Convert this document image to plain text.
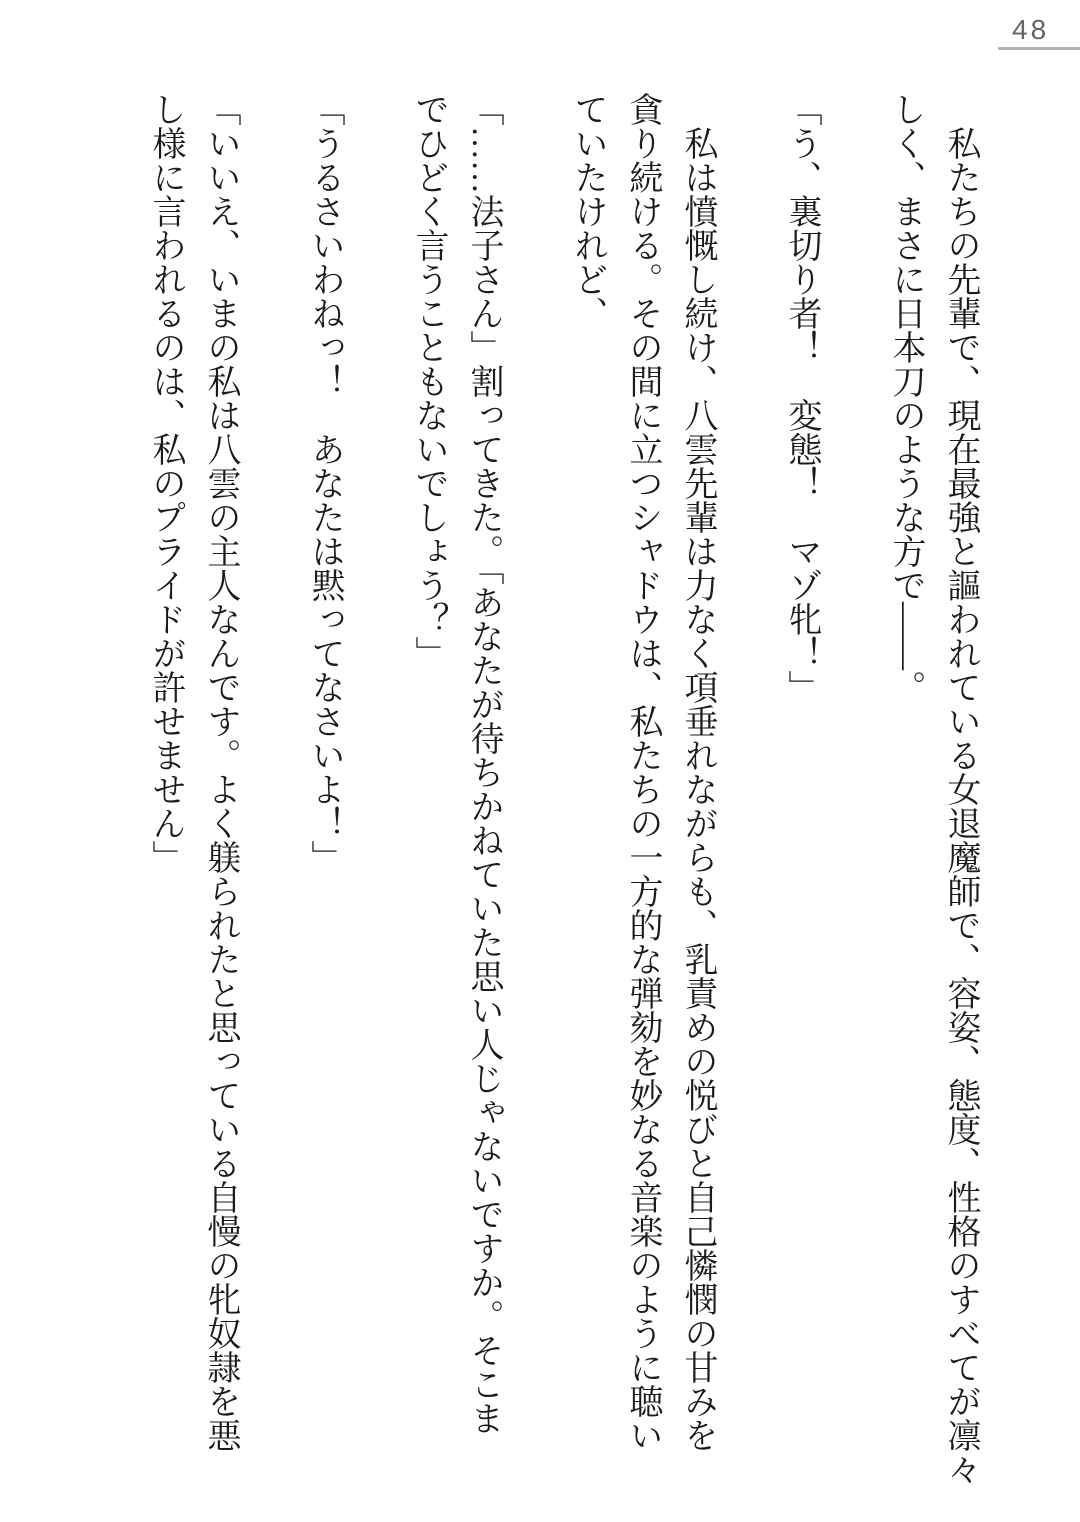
48

　私たちの先輩で、現在最強と謳われている女退魔師で、容姿、態度、性格のすべてが凛々
しく、まさに日本刀のような方で――。

「う、裏切り者！　変態！　マゾ牝！」

　私は憤慨し続け、八雲先輩は力なく項垂れながらも、乳責めの悦びと自己憐憫の甘みを
貪り続ける。その間に立つシャドウは、私たちの一方的な弾劾を妙なる音楽のように聴い
ていたけれど、

「……法子さん」割ってきた。「あなたが待ちかねていた思い人じゃないですか。そこま
でひどく言うこともないでしょう？」

「うるさいわねっ！　あなたは黙ってなさいよ！」

「いいえ、いまの私は八雲の主人なんです。よく躾られたと思っている自慢の牝奴隷を悪
し様に言われるのは、私のプライドが許せません」
